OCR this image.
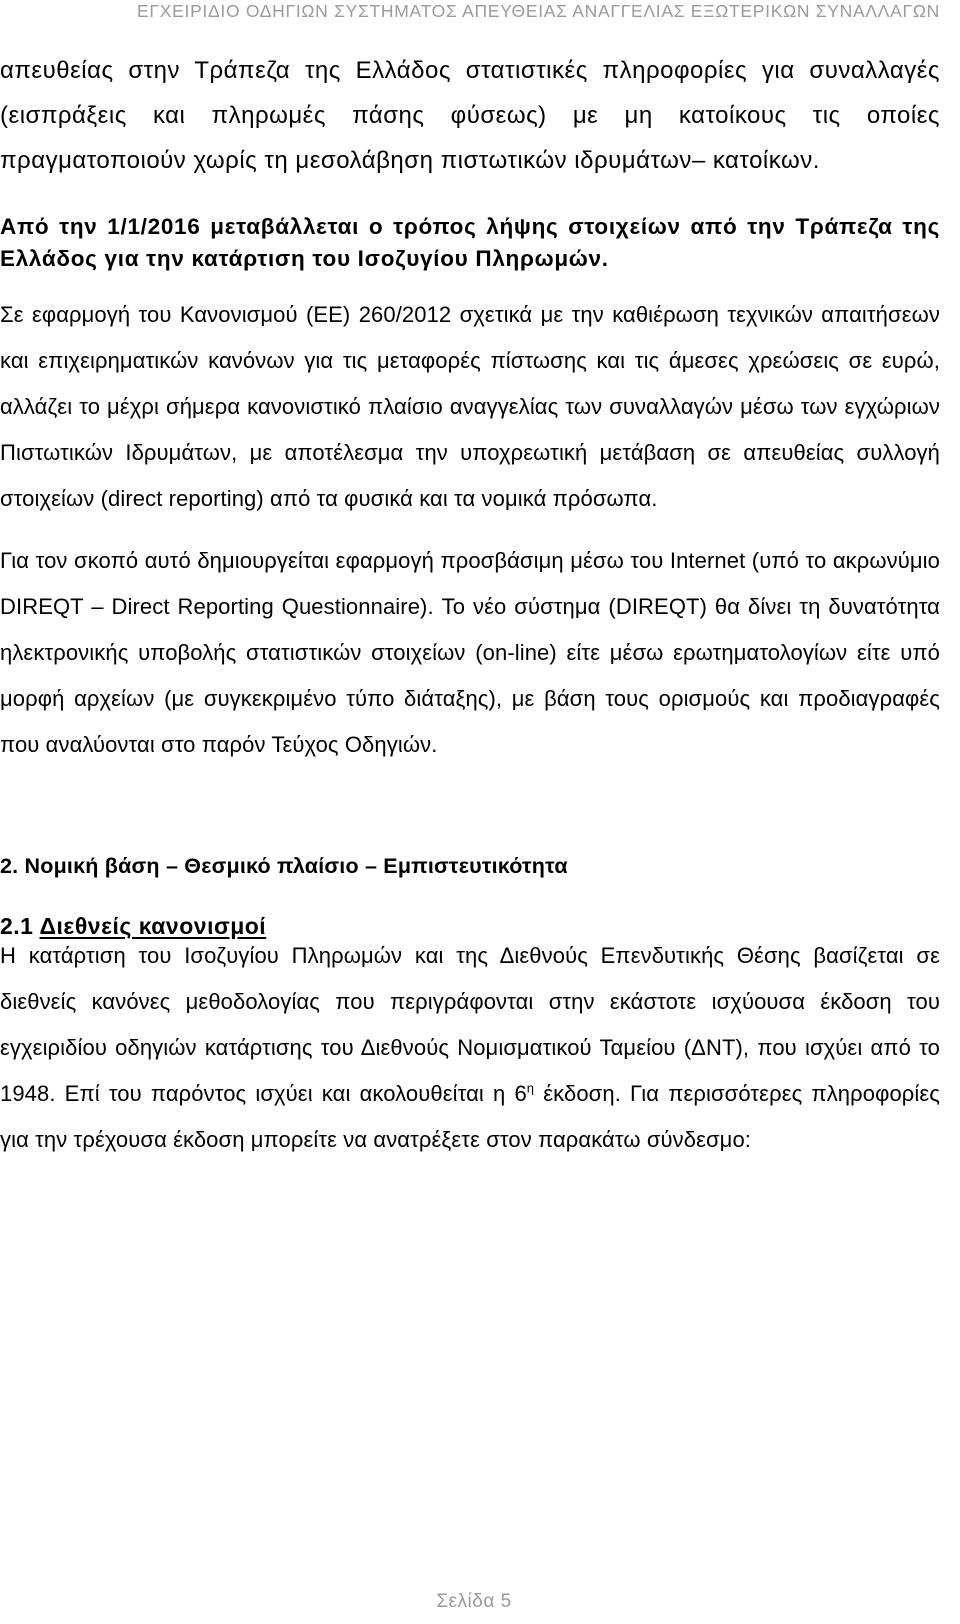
ΕΓΧΕΙΡΙΔΙΟ ΟΔΗΓΙΩΝ ΣΥΣΤΗΜΑΤΟΣ ΑΠΕΥΘΕΙΑΣ ΑΝΑΓΓΕΛΙΑΣ ΕΞΩΤΕΡΙΚΩΝ ΣΥΝΑΛΛΑΓΩΝ

απευθείας στην Τράπεζα της Ελλάδος στατιστικές πληροφορίες για συναλλαγές (εισπράξεις και πληρωμές πάσης φύσεως) με μη κατοίκους τις οποίες πραγματοποιούν χωρίς τη μεσολάβηση πιστωτικών ιδρυμάτων– κατοίκων.

Από την 1/1/2016 μεταβάλλεται ο τρόπος λήψης στοιχείων από την Τράπεζα της Ελλάδος για την κατάρτιση του Ισοζυγίου Πληρωμών.

Σε εφαρμογή του Κανονισμού (ΕΕ) 260/2012 σχετικά με την καθιέρωση τεχνικών απαιτήσεων και επιχειρηματικών κανόνων για τις μεταφορές πίστωσης και τις άμεσες χρεώσεις σε ευρώ, αλλάζει το μέχρι σήμερα κανονιστικό πλαίσιο αναγγελίας των συναλλαγών μέσω των εγχώριων Πιστωτικών Ιδρυμάτων, με αποτέλεσμα την υποχρεωτική μετάβαση σε απευθείας συλλογή στοιχείων (direct reporting) από τα φυσικά και τα νομικά πρόσωπα.

Για τον σκοπό αυτό δημιουργείται εφαρμογή προσβάσιμη μέσω του Internet (υπό το ακρωνύμιο DIREQT – Direct Reporting Questionnaire). Το νέο σύστημα (DIREQT) θα δίνει τη δυνατότητα ηλεκτρονικής υποβολής στατιστικών στοιχείων (on-line) είτε μέσω ερωτηματολογίων είτε υπό μορφή αρχείων (με συγκεκριμένο τύπο διάταξης), με βάση τους ορισμούς και προδιαγραφές που αναλύονται στο παρόν Τεύχος Οδηγιών.

2. Νομική βάση – Θεσμικό πλαίσιο – Εμπιστευτικότητα

2.1 Διεθνείς κανονισμοί

Η κατάρτιση του Ισοζυγίου Πληρωμών και της Διεθνούς Επενδυτικής Θέσης βασίζεται σε διεθνείς κανόνες μεθοδολογίας που περιγράφονται στην εκάστοτε ισχύουσα έκδοση του εγχειριδίου οδηγιών κατάρτισης του Διεθνούς Νομισματικού Ταμείου (ΔΝΤ), που ισχύει από το 1948. Επί του παρόντος ισχύει και ακολουθείται η $6^\eta$ έκδοση. Για περισσότερες πληροφορίες για την τρέχουσα έκδοση μπορείτε να ανατρέξετε στον παρακάτω σύνδεσμο:

Σελίδα 5
